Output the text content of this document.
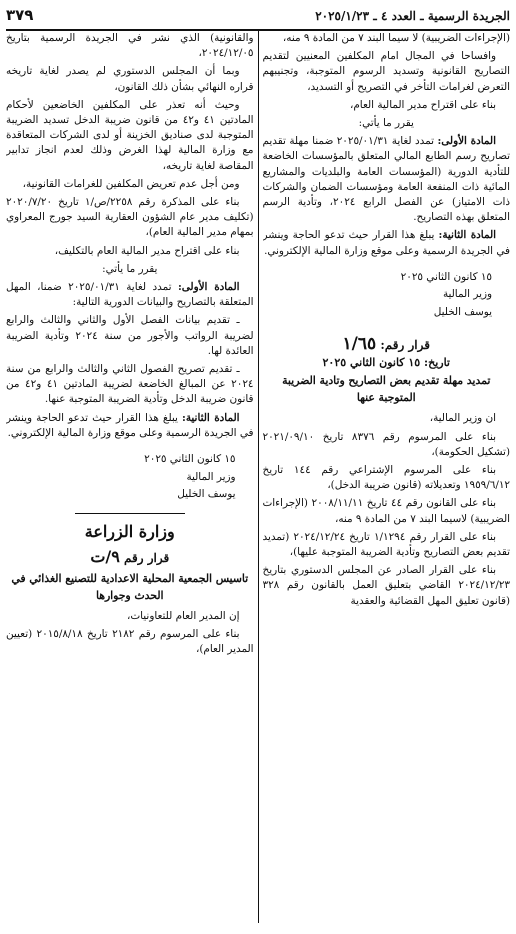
الجريدة الرسمية ـ العدد ٤ ـ ٢٠٢٥/١/٢٣
٣٧٩

(الإجراءات الضريبية) لا سيما البند ٧ من المادة ٩ منه،

وافساحا في المجال امام المكلفين المعنيين لتقديم التصاريح القانونية وتسديد الرسوم المتوجبة، وتجنيبهم التعرض لغرامات التأخر في التصريح أو التسديد،

بناء على اقتراح مدير المالية العام،

يقرر ما يأتي:

المادة الأولى: تمدد لغاية ٢٠٢٥/٠١/٣١ ضمنا مهلة تقديم تصاريح رسم الطابع المالي المتعلق بالمؤسسات الخاضعة للتأدية الدورية (المؤسسات العامة والبلديات والمشاريع المائية ذات المنفعة العامة ومؤسسات الضمان والشركات ذات الامتياز) عن الفصل الرابع ٢٠٢٤، وتأدية الرسم المتعلق بهذه التصاريح.

المادة الثانية: يبلغ هذا القرار حيث تدعو الحاجة وينشر في الجريدة الرسمية وعلى موقع وزارة المالية الإلكتروني.

١٥ كانون الثاني ٢٠٢٥
وزير المالية
يوسف الخليل
قرار رقم: ١/٦٥
تاريخ: ١٥ كانون الثاني ٢٠٢٥
تمديد مهلة تقديم بعض التصاريح وتادية الضريبة المتوجبة عنها

ان وزير المالية،

بناء على المرسوم رقم ٨٣٧٦ تاريخ ٢٠٢١/٠٩/١٠ (تشكيل الحكومة)،

بناء على المرسوم الإشتراعي رقم ١٤٤ تاريخ ١٩٥٩/٦/١٢ وتعديلاته (قانون ضريبة الدخل)،

بناء على القانون رقم ٤٤ تاريخ ٢٠٠٨/١١/١١ (الإجراءات الضريبية) لاسيما البند ٧ من المادة ٩ منه،

بناء على القرار رقم ١/١٢٩٤ تاريخ ٢٠٢٤/١٢/٢٤ (تمديد تقديم بعض التصاريح وتأدية الضريبة المتوجبة عليها)،

بناء على القرار الصادر عن المجلس الدستوري بتاريخ ٢٠٢٤/١٢/٢٣ القاضي بتعليق العمل بالقانون رقم ٣٢٨ (قانون تعليق المهل القضائية والعقدية

والقانونية) الذي نشر في الجريدة الرسمية بتاريخ ٢٠٢٤/١٢/٠٥،

وبما أن المجلس الدستوري لم يصدر لغاية تاريخه قراره النهائي بشأن ذلك القانون،

وحيث أنه تعذر على المكلفين الخاضعين لأحكام المادتين ٤١ و٤٢ من قانون ضريبة الدخل تسديد الضريبة المتوجبة لدى صناديق الخزينة أو لدى الشركات المتعاقدة مع وزارة المالية لهذا الغرض وذلك لعدم انجاز تدابير المقاصة لغاية تاريخه،

ومن أجل عدم تعريض المكلفين للغرامات القانونية،

بناء على المذكرة رقم ٢٢٥٨/ص/١ تاريخ ٢٠٢٠/٧/٢٠ (تكليف مدير عام الشؤون العقارية السيد جورج المعراوي بمهام مدير المالية العام)،

بناء على اقتراح مدير المالية العام بالتكليف،

يقرر ما يأتي:

المادة الأولى: تمدد لغاية ٢٠٢٥/٠١/٣١ ضمنا، المهل المتعلقة بالتصاريح والبيانات الدورية التالية:

ـ تقديم بيانات الفصل الأول والثاني والثالث والرابع لضريبة الرواتب والأجور من سنة ٢٠٢٤ وتأدية الضريبة العائدة لها.

ـ تقديم تصريح الفصول الثاني والثالث والرابع من سنة ٢٠٢٤ عن المبالغ الخاضعة لضريبة المادتين ٤١ و٤٢ من قانون ضريبة الدخل وتأدية الضريبة المتوجبة عنها.

المادة الثانية: يبلغ هذا القرار حيث تدعو الحاجة وينشر في الجريدة الرسمية وعلى موقع وزارة المالية الإلكتروني.

١٥ كانون الثاني ٢٠٢٥
وزير المالية
يوسف الخليل
وزارة الزراعة
قرار رقم ٩/ت
تاسيس الجمعية المحلية الاعدادية للتصنيع الغذائي في الحدث وجوارها

إن المدير العام للتعاونيات،

بناء على المرسوم رقم ٢١٨٢ تاريخ ٢٠١٥/٨/١٨ (تعيين المدير العام)،
